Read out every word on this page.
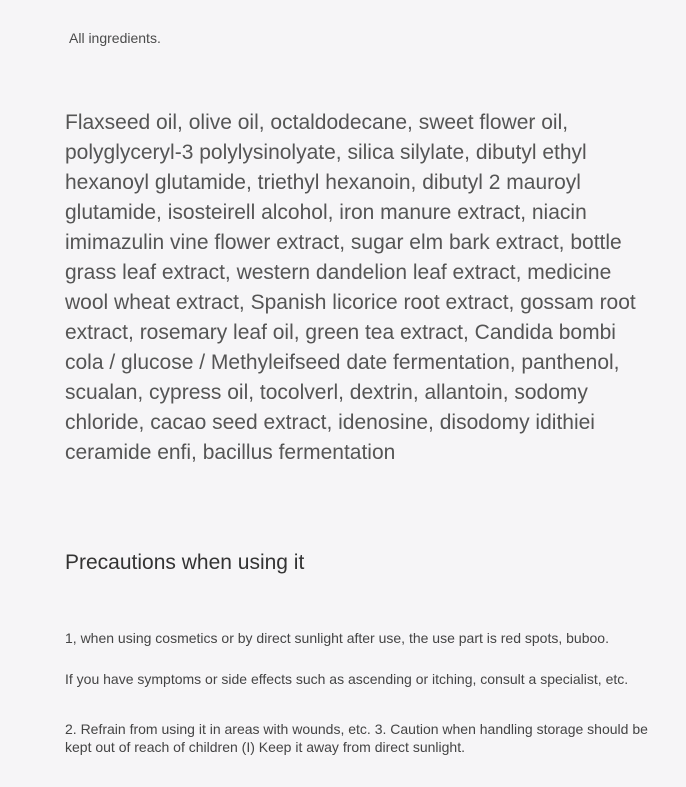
All ingredients.
Flaxseed oil, olive oil, octaldodecane, sweet flower oil, polyglyceryl-3 polylysinolyate, silica silylate, dibutyl ethyl hexanoyl glutamide, triethyl hexanoin, dibutyl 2 mauroyl glutamide, isosteirell alcohol, iron manure extract, niacin imimazulin vine flower extract, sugar elm bark extract, bottle grass leaf extract, western dandelion leaf extract, medicine wool wheat extract, Spanish licorice root extract, gossam root extract, rosemary leaf oil, green tea extract, Candida bombi cola / glucose / Methyleifseed date fermentation, panthenol, scualan, cypress oil, tocolverl, dextrin, allantoin, sodomy chloride, cacao seed extract, idenosine, disodomy idithiei ceramide enfi, bacillus fermentation
Precautions when using it
1, when using cosmetics or by direct sunlight after use, the use part is red spots, buboo.
If you have symptoms or side effects such as ascending or itching, consult a specialist, etc.
2. Refrain from using it in areas with wounds, etc. 3. Caution when handling storage should be kept out of reach of children (I) Keep it away from direct sunlight.
